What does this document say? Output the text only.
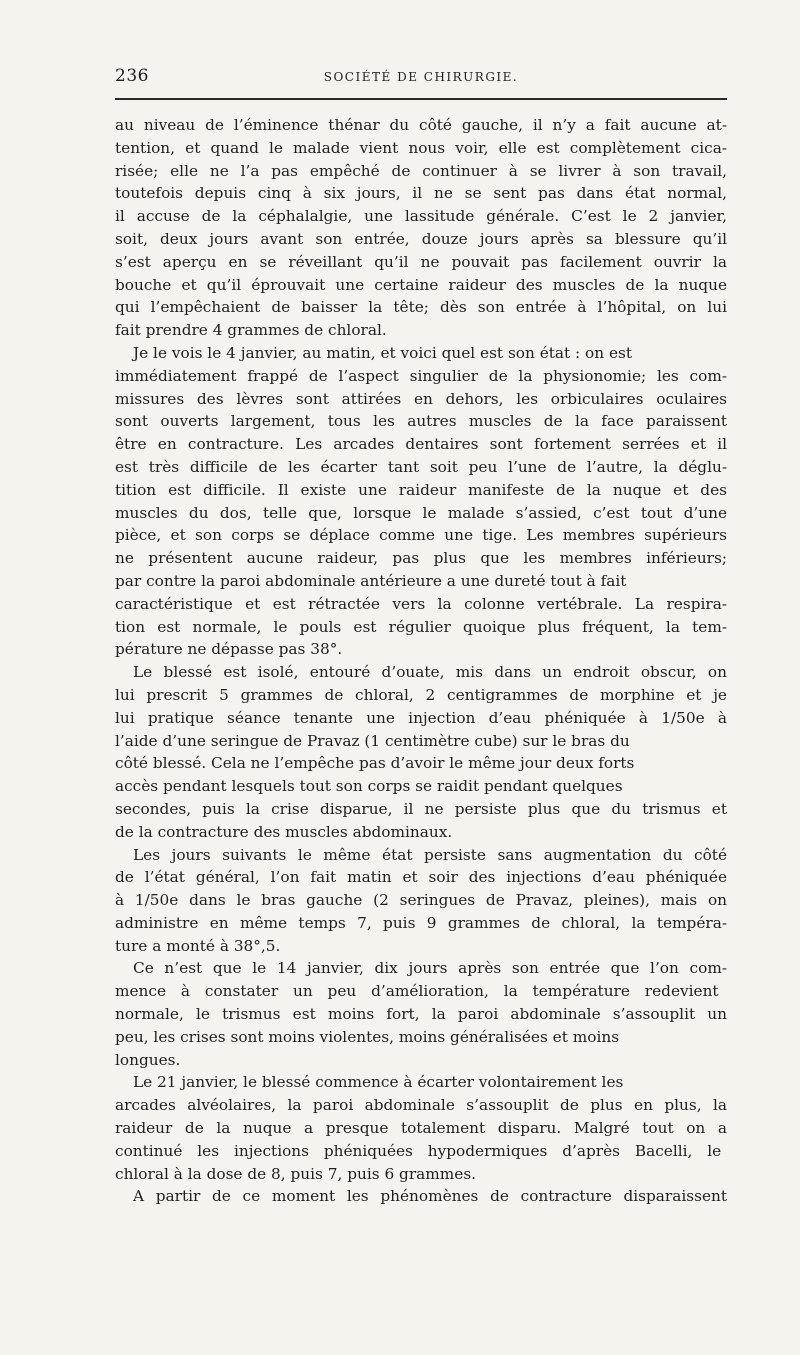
236	SOCIÉTÉ DE CHIRURGIE.
au niveau de l’éminence thénar du côté gauche, il n’y a fait aucune at-
tention, et quand le malade vient nous voir, elle est complètement cica-
risée; elle ne l’a pas empêché de continuer à se livrer à son travail,
toutefois depuis cinq à six jours, il ne se sent pas dans état normal,
il accuse de la céphalalgie, une lassitude générale. C’est le 2 janvier,
soit, deux jours avant son entrée, douze jours après sa blessure qu’il
s’est aperçu en se réveillant qu’il ne pouvait pas facilement ouvrir la
bouche et qu’il éprouvait une certaine raideur des muscles de la nuque
qui l’empêchaient de baisser la tête; dès son entrée à l’hôpital, on lui
fait prendre 4 grammes de chloral.
Je le vois le 4 janvier, au matin, et voici quel est son état : on est
immédiatement frappé de l’aspect singulier de la physionomie; les com-
missures des lèvres sont attirées en dehors, les orbiculaires oculaires
sont ouverts largement, tous les autres muscles de la face paraissent
être en contracture. Les arcades dentaires sont fortement serrées et il
est très difficile de les écarter tant soit peu l’une de l’autre, la déglu-
tition est difficile. Il existe une raideur manifeste de la nuque et des
muscles du dos, telle que, lorsque le malade s’assied, c’est tout d’une
pièce, et son corps se déplace comme une tige. Les membres supérieurs
ne présentent aucune raideur, pas plus que les membres inférieurs;
par contre la paroi abdominale antérieure a une dureté tout à fait
caractéristique et est rétractée vers la colonne vertébrale. La respira-
tion est normale, le pouls est régulier quoique plus fréquent, la tem-
pérature ne dépasse pas 38°.
Le blessé est isolé, entouré d’ouate, mis dans un endroit obscur, on
lui prescrit 5 grammes de chloral, 2 centigrammes de morphine et je
lui pratique séance tenante une injection d’eau phéniquée à 1/50e à
l’aide d’une seringue de Pravaz (1 centimètre cube) sur le bras du
côté blessé. Cela ne l’empêche pas d’avoir le même jour deux forts
accès pendant lesquels tout son corps se raidit pendant quelques
secondes, puis la crise disparue, il ne persiste plus que du trismus et
de la contracture des muscles abdominaux.
Les jours suivants le même état persiste sans augmentation du côté
de l’état général, l’on fait matin et soir des injections d’eau phéniquée
à 1/50e dans le bras gauche (2 seringues de Pravaz, pleines), mais on
administre en même temps 7, puis 9 grammes de chloral, la tempéra-
ture a monté à 38°,5.
Ce n’est que le 14 janvier, dix jours après son entrée que l’on com-
mence à constater un peu d’amélioration, la température redevient
normale, le trismus est moins fort, la paroi abdominale s’assouplit un
peu, les crises sont moins violentes, moins généralisées et moins
longues.
Le 21 janvier, le blessé commence à écarter volontairement les
arcades alvéolaires, la paroi abdominale s’assouplit de plus en plus, la
raideur de la nuque a presque totalement disparu. Malgré tout on a
continué les injections phéniquées hypodermiques d’après Bacelli, le
chloral à la dose de 8, puis 7, puis 6 grammes.
A partir de ce moment les phénomènes de contracture disparaissent
